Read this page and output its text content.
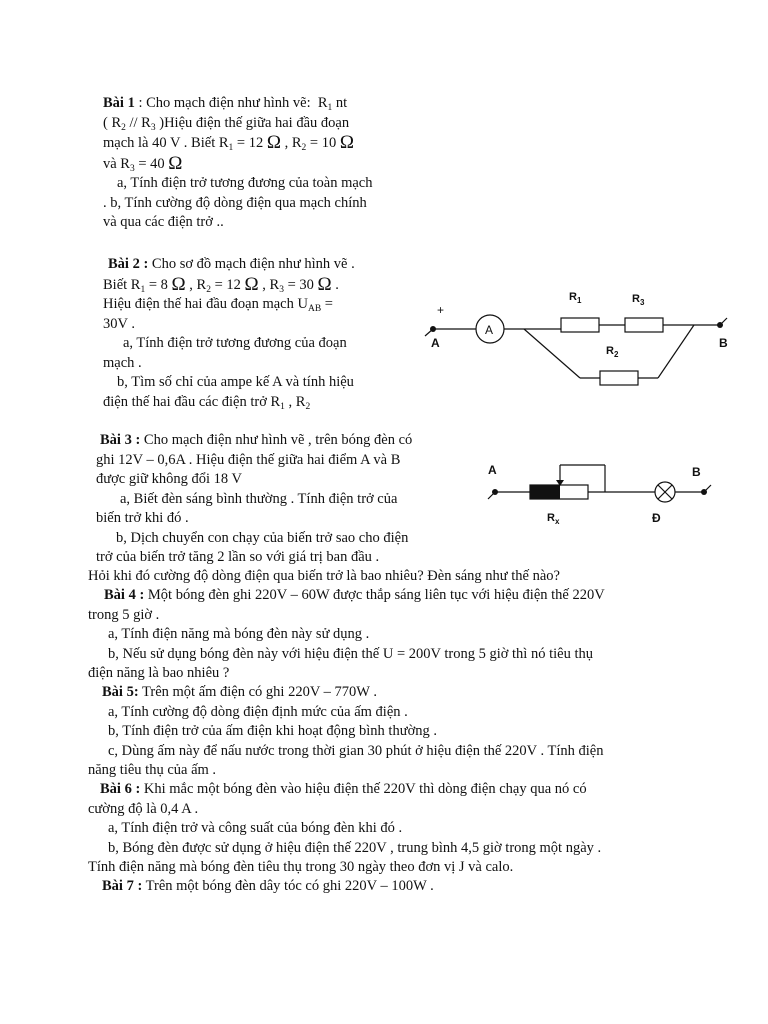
Bài 1 : Cho mạch điện như hình vẽ:  $R_1$ nt

( $R_2 // R_3$ )Hiệu điện thế giữa hai đầu đoạn

mạch là 40 V . Biết $R_1 = 12$ Ω , $R_2 = 10$ Ω

và $R_3 = 40$ Ω

a, Tính điện trở tương đương của toàn mạch

. b, Tính cường độ dòng điện qua mạch chính

và qua các điện trở ..

Bài 2 : Cho sơ đồ mạch điện như hình vẽ .

Biết $R_1 = 8$ Ω , $R_2 = 12$ Ω , $R_3 = 30$ Ω .

Hiệu điện thế hai đầu đoạn mạch $U_{AB}$ =

30V .

a, Tính điện trở tương đương của đoạn

mạch .

b, Tìm số chỉ của ampe kế A và tính hiệu

điện thế hai đầu các điện trở $R_1$ , $R_2$

+
A
A	B
$R_1$	$R_3$
$R_2$

Bài 3 : Cho mạch điện như hình vẽ , trên bóng đèn có

ghi 12V – 0,6A . Hiệu điện thế giữa hai điểm A và B

được giữ không đổi 18 V

a, Biết đèn sáng bình thường . Tính điện trở của

biến trở khi đó .

b, Dịch chuyển con chạy của biến trở sao cho điện

trở của biến trở tăng 2 lần so với giá trị ban đầu .

Hỏi khi đó cường độ dòng điện qua biến trở là bao nhiêu? Đèn sáng như thế nào?

A	B
$R_x$	Đ

Bài 4 : Một bóng đèn ghi 220V – 60W được thắp sáng liên tục với hiệu điện thế 220V

trong 5 giờ .

a, Tính điện năng mà bóng đèn này sử dụng .

b, Nếu sử dụng bóng đèn này với hiệu điện thế U = 200V trong 5 giờ thì nó tiêu thụ

điện năng là bao nhiêu ?

Bài 5: Trên một ấm điện có ghi 220V – 770W .

a, Tính cường độ dòng điện định mức của ấm điện .

b, Tính điện trở của ấm điện khi hoạt động bình thường .

c, Dùng ấm này để nấu nước trong thời gian 30 phút ở hiệu điện thế 220V . Tính điện

năng tiêu thụ của ấm .

Bài 6 : Khi mắc một bóng đèn vào hiệu điện thế 220V thì dòng điện chạy qua nó có

cường độ là 0,4 A .

a, Tính điện trở và công suất của bóng đèn khi đó .

b, Bóng đèn được sử dụng ở hiệu điện thế 220V , trung bình 4,5 giờ trong một ngày .

Tính điện năng mà bóng đèn tiêu thụ trong 30 ngày theo đơn vị J và calo.

Bài 7 : Trên một bóng đèn dây tóc có ghi 220V – 100W .
